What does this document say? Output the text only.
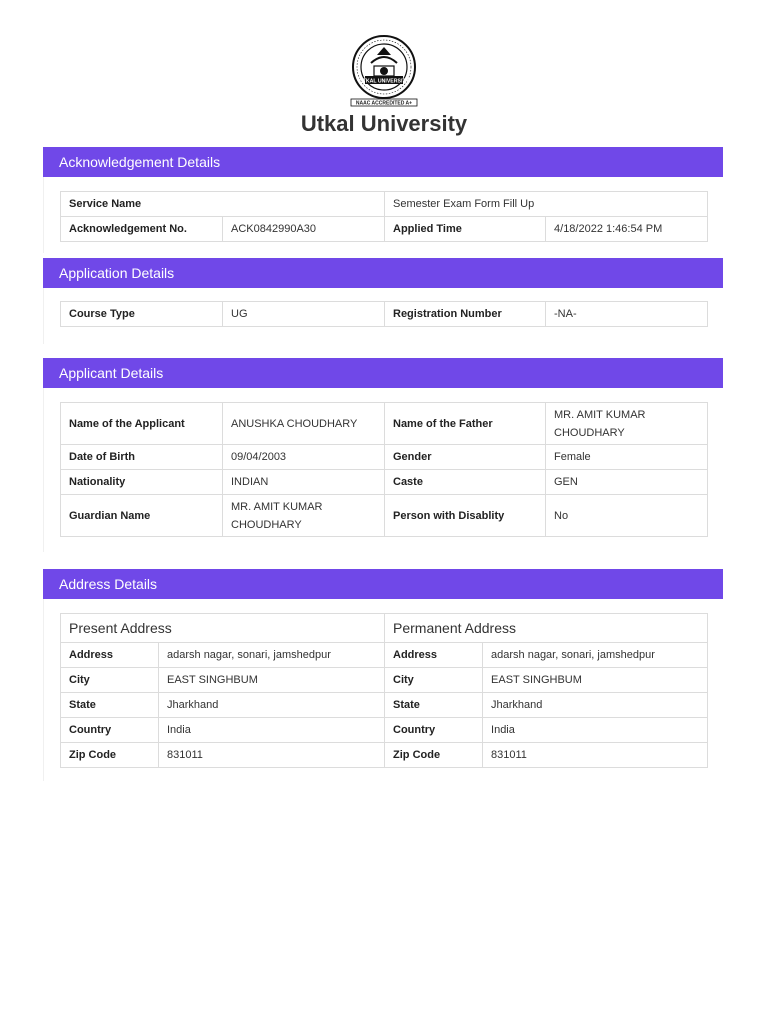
UTKAL UNIVERSITY
NAAC ACCREDITED A+
Utkal University
Acknowledgement Details
Service Name		Semester Exam Form Fill Up	
Acknowledgement No.	ACK0842990A30	Applied Time	4/18/2022 1:46:54 PM
Application Details
Course Type	UG	Registration Number	-NA-
Applicant Details
Name of the Applicant	ANUSHKA CHOUDHARY	Name of the Father	MR. AMIT KUMAR CHOUDHARY
Date of Birth	09/04/2003	Gender	Female
Nationality	INDIAN	Caste	GEN
Guardian Name	MR. AMIT KUMAR CHOUDHARY	Person with Disablity	No
Address Details
Present Address		Permanent Address	
Address	adarsh nagar, sonari, jamshedpur	Address	adarsh nagar, sonari, jamshedpur
City	EAST SINGHBUM	City	EAST SINGHBUM
State	Jharkhand	State	Jharkhand
Country	India	Country	India
Zip Code	831011	Zip Code	831011
